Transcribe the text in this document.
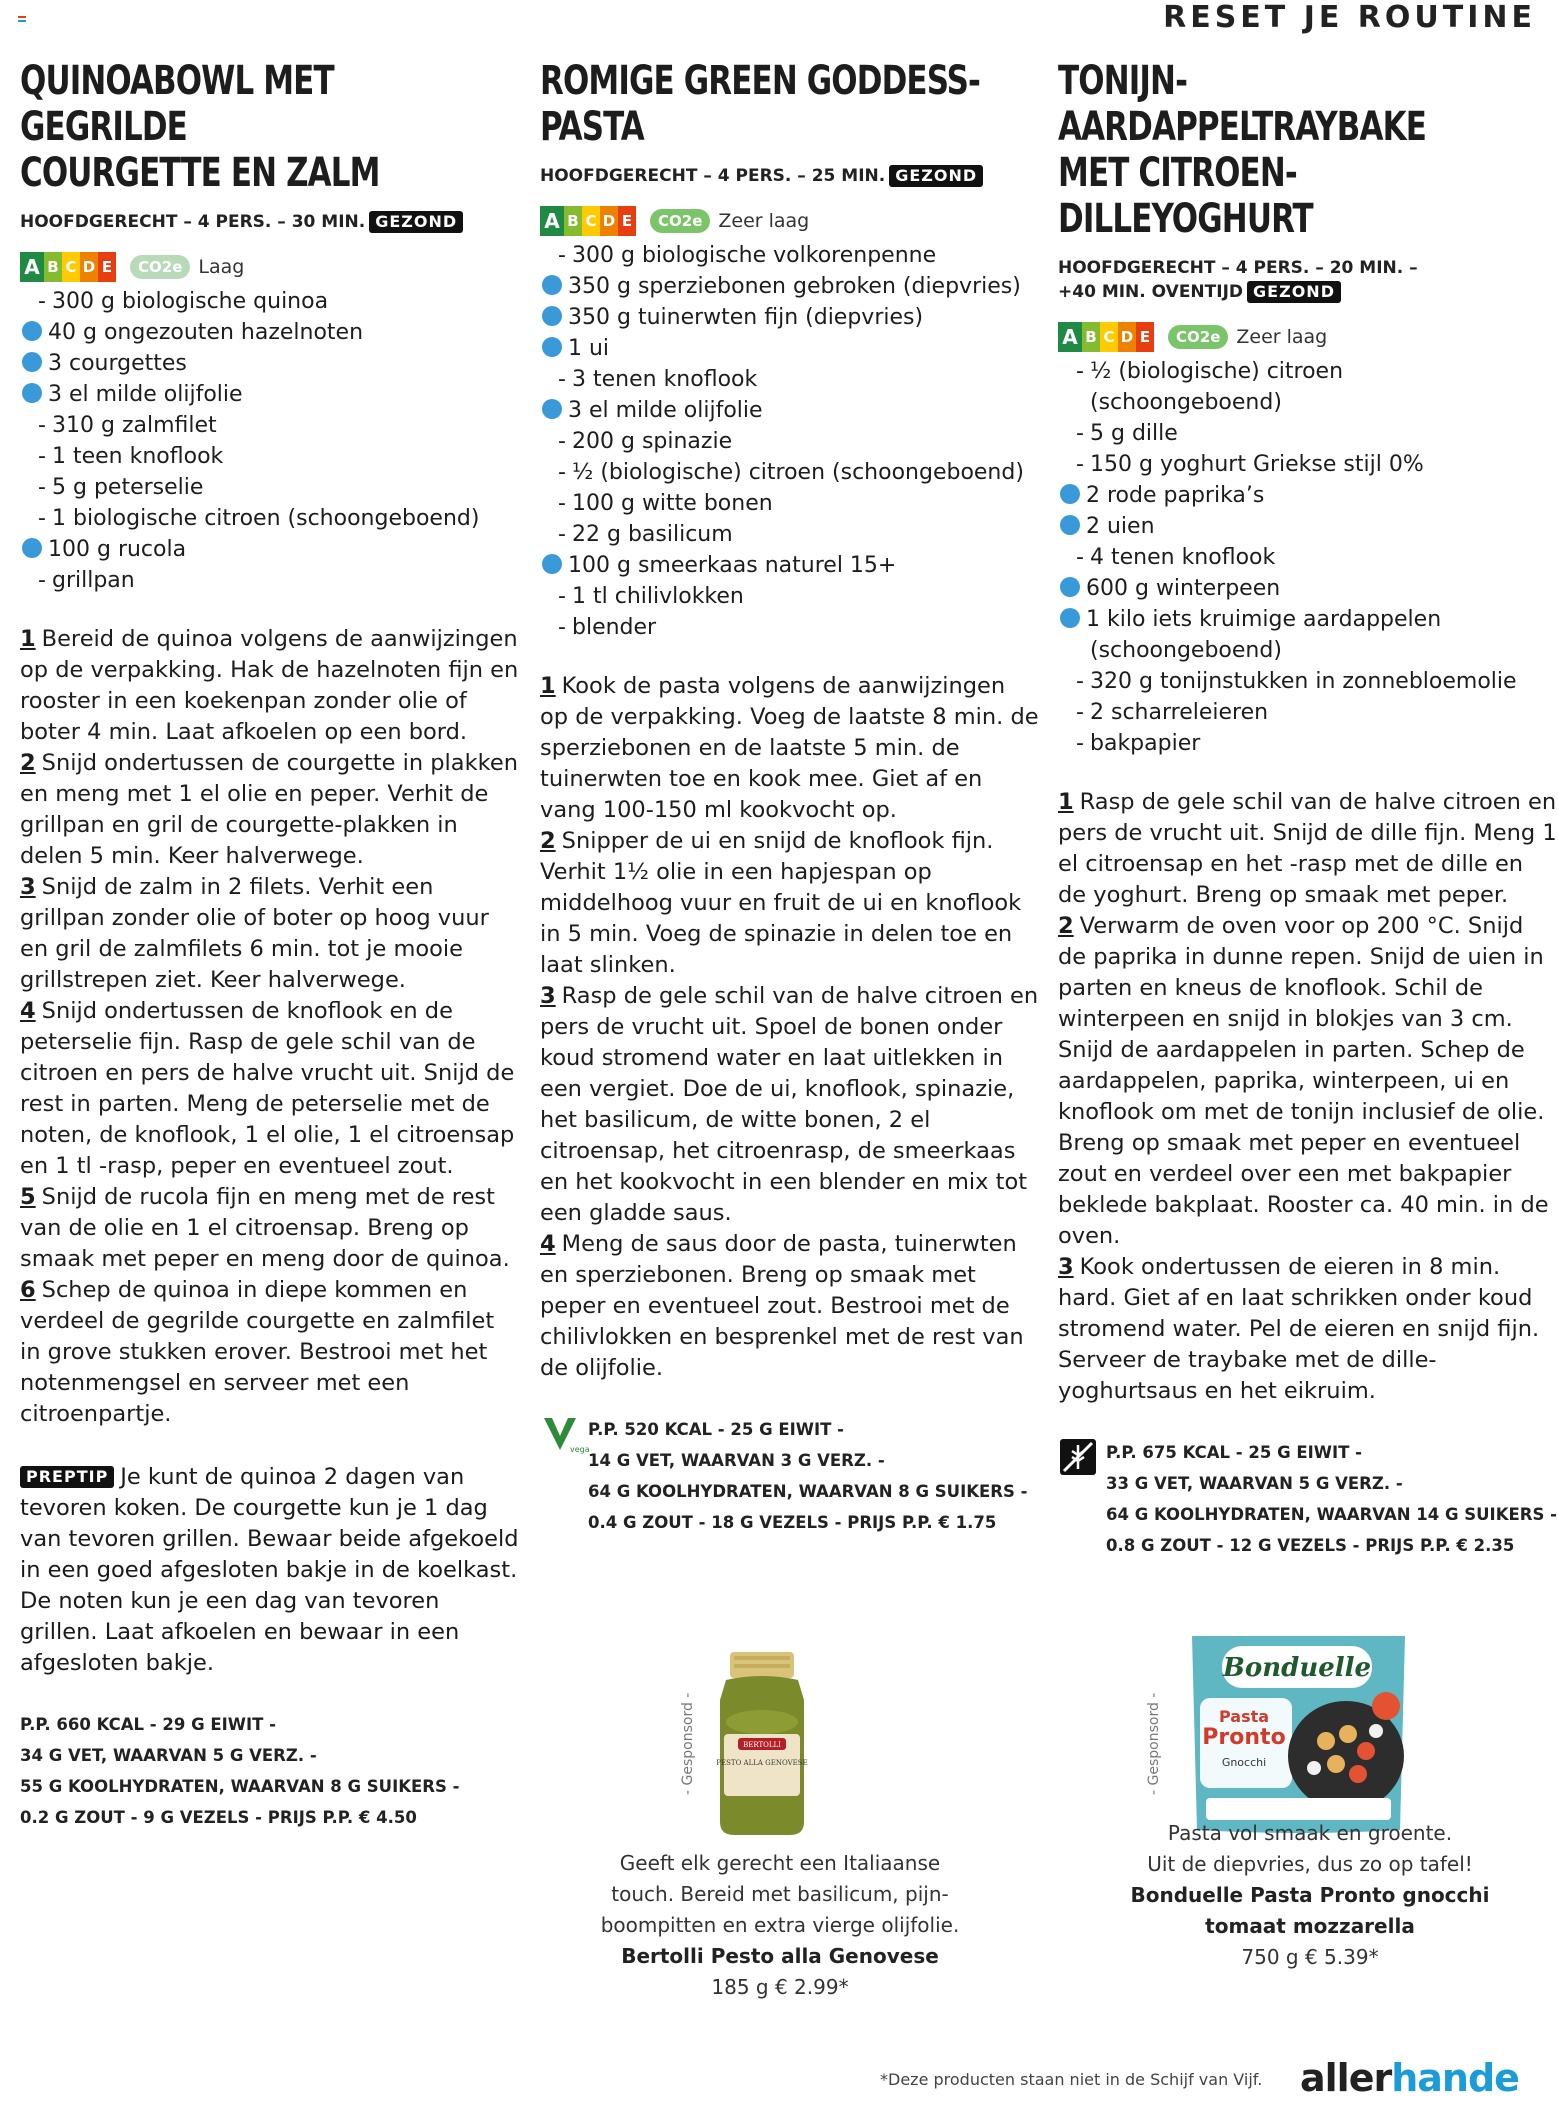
RESET JE ROUTINE
QUINOABOWL MET GEGRILDE
COURGETTE EN ZALM
HOOFDGERECHT – 4 PERS. – 30 MIN. GEZOND
A B C D E	CO2e Laag
- 300 g biologische quinoa
40 g ongezouten hazelnoten
3 courgettes
3 el milde olijfolie
- 310 g zalmfilet
- 1 teen knoflook
- 5 g peterselie
- 1 biologische citroen (schoongeboend)
100 g rucola
- grillpan

1 Bereid de quinoa volgens de aanwijzingen op de verpakking. Hak de hazelnoten fijn en rooster in een koekenpan zonder olie of boter 4 min. Laat afkoelen op een bord.

2 Snijd ondertussen de courgette in plakken en meng met 1 el olie en peper. Verhit de grillpan en gril de courgette-plakken in delen 5 min. Keer halverwege.

3 Snijd de zalm in 2 filets. Verhit een grillpan zonder olie of boter op hoog vuur en gril de zalmfilets 6 min. tot je mooie grillstrepen ziet. Keer halverwege.

4 Snijd ondertussen de knoflook en de peterselie fijn. Rasp de gele schil van de citroen en pers de halve vrucht uit. Snijd de rest in parten. Meng de peterselie met de noten, de knoflook, 1 el olie, 1 el citroensap en 1 tl -rasp, peper en eventueel zout.

5 Snijd de rucola fijn en meng met de rest van de olie en 1 el citroensap. Breng op smaak met peper en meng door de quinoa.

6 Schep de quinoa in diepe kommen en verdeel de gegrilde courgette en zalmfilet in grove stukken erover. Bestrooi met het notenmengsel en serveer met een citroenpartje.

PREPTIP Je kunt de quinoa 2 dagen van tevoren koken. De courgette kun je 1 dag van tevoren grillen. Bewaar beide afgekoeld in een goed afgesloten bakje in de koelkast. De noten kun je een dag van tevoren grillen. Laat afkoelen en bewaar in een afgesloten bakje.
P.P. 660 KCAL - 29 G EIWIT -
34 G VET, WAARVAN 5 G VERZ. -
55 G KOOLHYDRATEN, WAARVAN 8 G SUIKERS -
0.2 G ZOUT - 9 G VEZELS - PRIJS P.P. € 4.50
ROMIGE GREEN GODDESS-
PASTA
HOOFDGERECHT – 4 PERS. – 25 MIN. GEZOND
A B C D E	CO2e Zeer laag
- 300 g biologische volkorenpenne
350 g sperziebonen gebroken (diepvries)
350 g tuinerwten fijn (diepvries)
1 ui
- 3 tenen knoflook
3 el milde olijfolie
- 200 g spinazie
- ½ (biologische) citroen (schoongeboend)
- 100 g witte bonen
- 22 g basilicum
100 g smeerkaas naturel 15+
- 1 tl chilivlokken
- blender

1 Kook de pasta volgens de aanwijzingen op de verpakking. Voeg de laatste 8 min. de sperziebonen en de laatste 5 min. de tuinerwten toe en kook mee. Giet af en vang 100-150 ml kookvocht op.

2 Snipper de ui en snijd de knoflook fijn. Verhit 1½ olie in een hapjespan op middelhoog vuur en fruit de ui en knoflook in 5 min. Voeg de spinazie in delen toe en laat slinken.

3 Rasp de gele schil van de halve citroen en pers de vrucht uit. Spoel de bonen onder koud stromend water en laat uitlekken in een vergiet. Doe de ui, knoflook, spinazie, het basilicum, de witte bonen, 2 el citroensap, het citroenrasp, de smeerkaas en het kookvocht in een blender en mix tot een gladde saus.

4 Meng de saus door de pasta, tuinerwten en sperziebonen. Breng op smaak met peper en eventueel zout. Bestrooi met de chilivlokken en besprenkel met de rest van de olijfolie.

vega
P.P. 520 KCAL - 25 G EIWIT -
14 G VET, WAARVAN 3 G VERZ. -
64 G KOOLHYDRATEN, WAARVAN 8 G SUIKERS -
0.4 G ZOUT - 18 G VEZELS - PRIJS P.P. € 1.75
TONIJN-AARDAPPELTRAYBAKE
MET CITROEN-DILLEYOGHURT
HOOFDGERECHT – 4 PERS. – 20 MIN. –
+40 MIN. OVENTIJD GEZOND
A B C D E	CO2e Zeer laag
- ½ (biologische) citroen
(schoongeboend)
- 5 g dille
- 150 g yoghurt Griekse stijl 0%
2 rode paprika’s
2 uien
- 4 tenen knoflook
600 g winterpeen
1 kilo iets kruimige aardappelen
(schoongeboend)
- 320 g tonijnstukken in zonnebloemolie
- 2 scharreleieren
- bakpapier

1 Rasp de gele schil van de halve citroen en pers de vrucht uit. Snijd de dille fijn. Meng 1 el citroensap en het -rasp met de dille en de yoghurt. Breng op smaak met peper.

2 Verwarm de oven voor op 200 °C. Snijd de paprika in dunne repen. Snijd de uien in parten en kneus de knoflook. Schil de winterpeen en snijd in blokjes van 3 cm. Snijd de aardappelen in parten. Schep de aardappelen, paprika, winterpeen, ui en knoflook om met de tonijn inclusief de olie. Breng op smaak met peper en eventueel zout en verdeel over een met bakpapier beklede bakplaat. Rooster ca. 40 min. in de oven.

3 Kook ondertussen de eieren in 8 min. hard. Giet af en laat schrikken onder koud stromend water. Pel de eieren en snijd fijn. Serveer de traybake met de dille-yoghurtsaus en het eikruim.

P.P. 675 KCAL - 25 G EIWIT -
33 G VET, WAARVAN 5 G VERZ. -
64 G KOOLHYDRATEN, WAARVAN 14 G SUIKERS -
0.8 G ZOUT - 12 G VEZELS - PRIJS P.P. € 2.35
- Gesponsord -	BERTOLLI
PESTO ALLA GENOVESE
Geeft elk gerecht een Italiaanse
touch. Bereid met basilicum, pijn-
boompitten en extra vierge olijfolie.
Bertolli Pesto alla Genovese
185 g € 2.99*
- Gesponsord -
Bonduelle
Pasta
Pronto
Gnocchi
Pasta vol smaak en groente.
Uit de diepvries, dus zo op tafel!
Bonduelle Pasta Pronto gnocchi
tomaat mozzarella
750 g € 5.39*
*Deze producten staan niet in de Schijf van Vijf. allerhande
